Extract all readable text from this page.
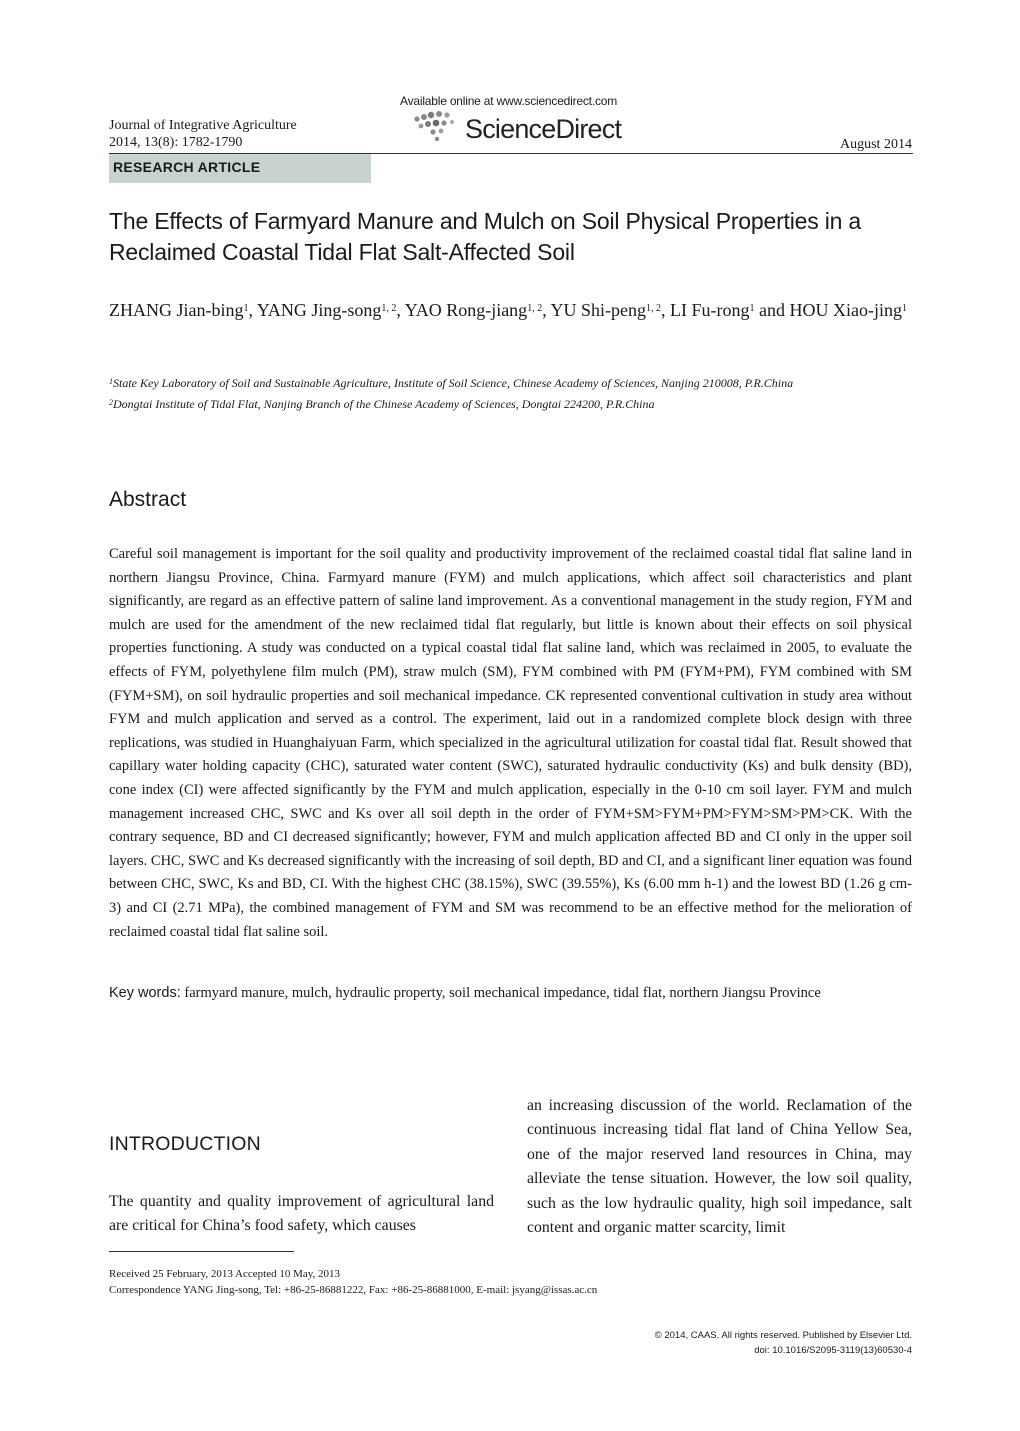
Journal of Integrative Agriculture
2014, 13(8): 1782-1790
Available online at www.sciencedirect.com
ScienceDirect
August 2014
RESEARCH ARTICLE
The Effects of Farmyard Manure and Mulch on Soil Physical Properties in a Reclaimed Coastal Tidal Flat Salt-Affected Soil
ZHANG Jian-bing$^1$, YANG Jing-song$^{1, 2}$, YAO Rong-jiang$^{1, 2}$, YU Shi-peng$^{1, 2}$, LI Fu-rong$^1$ and HOU Xiao-jing$^1$
$^1$State Key Laboratory of Soil and Sustainable Agriculture, Institute of Soil Science, Chinese Academy of Sciences, Nanjing 210008, P.R.China
$^2$Dongtai Institute of Tidal Flat, Nanjing Branch of the Chinese Academy of Sciences, Dongtai 224200, P.R.China
Abstract

Careful soil management is important for the soil quality and productivity improvement of the reclaimed coastal tidal flat saline land in northern Jiangsu Province, China. Farmyard manure (FYM) and mulch applications, which affect soil characteristics and plant significantly, are regard as an effective pattern of saline land improvement. As a conventional management in the study region, FYM and mulch are used for the amendment of the new reclaimed tidal flat regularly, but little is known about their effects on soil physical properties functioning. A study was conducted on a typical coastal tidal flat saline land, which was reclaimed in 2005, to evaluate the effects of FYM, polyethylene film mulch (PM), straw mulch (SM), FYM combined with PM (FYM+PM), FYM combined with SM (FYM+SM), on soil hydraulic properties and soil mechanical impedance. CK represented conventional cultivation in study area without FYM and mulch application and served as a control. The experiment, laid out in a randomized complete block design with three replications, was studied in Huanghaiyuan Farm, which specialized in the agricultural utilization for coastal tidal flat. Result showed that capillary water holding capacity (CHC), saturated water content (SWC), saturated hydraulic conductivity (Ks) and bulk density (BD), cone index (CI) were affected significantly by the FYM and mulch application, especially in the 0-10 cm soil layer. FYM and mulch management increased CHC, SWC and Ks over all soil depth in the order of FYM+SM>FYM+PM>FYM>SM>PM>CK. With the contrary sequence, BD and CI decreased significantly; however, FYM and mulch application affected BD and CI only in the upper soil layers. CHC, SWC and Ks decreased significantly with the increasing of soil depth, BD and CI, and a significant liner equation was found between CHC, SWC, Ks and BD, CI. With the highest CHC (38.15%), SWC (39.55%), Ks (6.00 mm h-1) and the lowest BD (1.26 g cm-3) and CI (2.71 MPa), the combined management of FYM and SM was recommend to be an effective method for the melioration of reclaimed coastal tidal flat saline soil.

Key words: farmyard manure, mulch, hydraulic property, soil mechanical impedance, tidal flat, northern Jiangsu Province
INTRODUCTION
The quantity and quality improvement of agricultural land are critical for China’s food safety, which causes
an increasing discussion of the world. Reclamation of the continuous increasing tidal flat land of China Yellow Sea, one of the major reserved land resources in China, may alleviate the tense situation. However, the low soil quality, such as the low hydraulic quality, high soil impedance, salt content and organic matter scarcity, limit
Received 25 February, 2013 Accepted 10 May, 2013
Correspondence YANG Jing-song, Tel: +86-25-86881222, Fax: +86-25-86881000, E-mail: jsyang@issas.ac.cn
© 2014, CAAS. All rights reserved. Published by Elsevier Ltd.
doi: 10.1016/S2095-3119(13)60530-4
